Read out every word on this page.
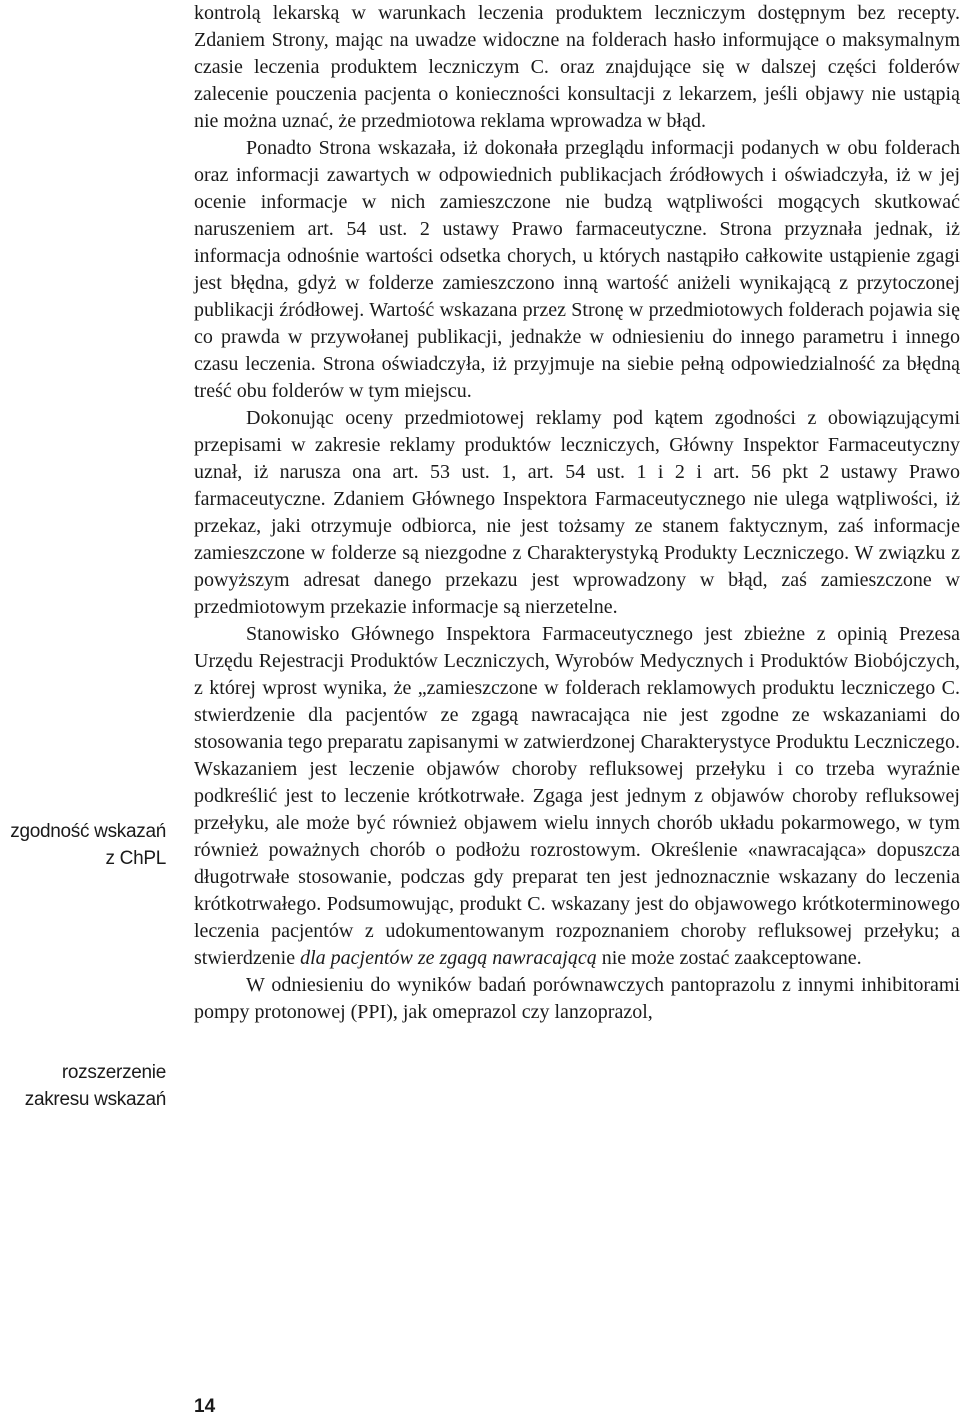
zgodność wskazań
z ChPL
rozszerzenie
zakresu wskazań

kontrolą lekarską w warunkach leczenia produktem leczniczym dostępnym bez recepty. Zdaniem Strony, mając na uwadze widoczne na folderach hasło informujące o maksymalnym czasie leczenia produktem leczniczym C. oraz znajdujące się w dalszej części folderów zalecenie pouczenia pacjenta o konieczności konsultacji z lekarzem, jeśli objawy nie ustąpią nie można uznać, że przedmiotowa reklama wprowadza w błąd.

Ponadto Strona wskazała, iż dokonała przeglądu informacji podanych w obu folderach oraz informacji zawartych w odpowiednich publikacjach źródłowych i oświadczyła, iż w jej ocenie informacje w nich zamieszczone nie budzą wątpliwości mogących skutkować naruszeniem art. 54 ust. 2 ustawy Prawo farmaceutyczne. Strona przyznała jednak, iż informacja odnośnie wartości odsetka chorych, u których nastąpiło całkowite ustąpienie zgagi jest błędna, gdyż w folderze zamieszczono inną wartość aniżeli wynikającą z przytoczonej publikacji źródłowej. Wartość wskazana przez Stronę w przedmiotowych folderach pojawia się co prawda w przywołanej publikacji, jednakże w odniesieniu do innego parametru i innego czasu leczenia. Strona oświadczyła, iż przyjmuje na siebie pełną odpowiedzialność za błędną treść obu folderów w tym miejscu.

Dokonując oceny przedmiotowej reklamy pod kątem zgodności z obowiązującymi przepisami w zakresie reklamy produktów leczniczych, Główny Inspektor Farmaceutyczny uznał, iż narusza ona art. 53 ust. 1, art. 54 ust. 1 i 2 i art. 56 pkt 2 ustawy Prawo farmaceutyczne. Zdaniem Głównego Inspektora Farmaceutycznego nie ulega wątpliwości, iż przekaz, jaki otrzymuje odbiorca, nie jest tożsamy ze stanem faktycznym, zaś informacje zamieszczone w folderze są niezgodne z Charakterystyką Produkty Leczniczego. W związku z powyższym adresat danego przekazu jest wprowadzony w błąd, zaś zamieszczone w przedmiotowym przekazie informacje są nierzetelne.

Stanowisko Głównego Inspektora Farmaceutycznego jest zbieżne z opinią Prezesa Urzędu Rejestracji Produktów Leczniczych, Wyrobów Medycznych i Produktów Biobójczych, z której wprost wynika, że „zamieszczone w folderach reklamowych produktu leczniczego C. stwierdzenie dla pacjentów ze zgagą nawracająca nie jest zgodne ze wskazaniami do stosowania tego preparatu zapisanymi w zatwierdzonej Charakterystyce Produktu Leczniczego. Wskazaniem jest leczenie objawów choroby refluksowej przełyku i co trzeba wyraźnie podkreślić jest to leczenie krótkotrwałe. Zgaga jest jednym z objawów choroby refluksowej przełyku, ale może być również objawem wielu innych chorób układu pokarmowego, w tym również poważnych chorób o podłożu rozrostowym. Określenie «nawracająca» dopuszcza długotrwałe stosowanie, podczas gdy preparat ten jest jednoznacznie wskazany do leczenia krótkotrwałego. Podsumowując, produkt C. wskazany jest do objawowego krótkoterminowego leczenia pacjentów z udokumentowanym rozpoznaniem choroby refluksowej przełyku; a stwierdzenie dla pacjentów ze zgagą nawracającą nie może zostać zaakceptowane.

W odniesieniu do wyników badań porównawczych pantoprazolu z innymi inhibitorami pompy protonowej (PPI), jak omeprazol czy lanzoprazol,

14
